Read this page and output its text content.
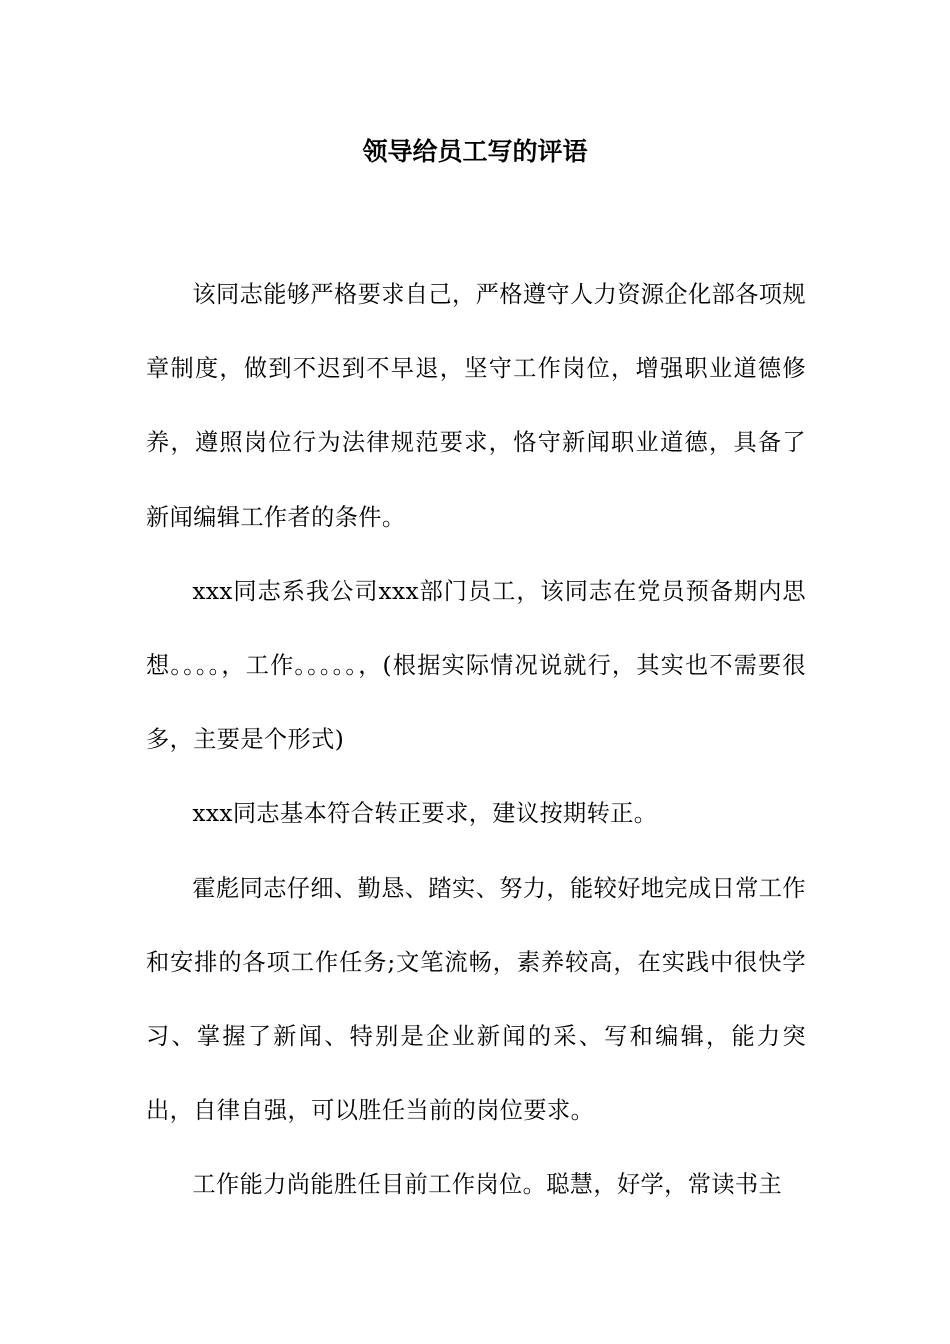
领导给员工写的评语

该同志能够严格要求自己，严格遵守人力资源企化部各项规章制度，做到不迟到不早退，坚守工作岗位，增强职业道德修养，遵照岗位行为法律规范要求，恪守新闻职业道德，具备了新闻编辑工作者的条件。

xxx同志系我公司xxx部门员工，该同志在党员预备期内思想。。。。，工作。。。。。，(根据实际情况说就行，其实也不需要很多，主要是个形式)

xxx同志基本符合转正要求，建议按期转正。

霍彪同志仔细、勤恳、踏实、努力，能较好地完成日常工作和安排的各项工作任务;文笔流畅，素养较高，在实践中很快学习、掌握了新闻、特别是企业新闻的采、写和编辑，能力突出，自律自强，可以胜任当前的岗位要求。

工作能力尚能胜任目前工作岗位。聪慧，好学，常读书主
